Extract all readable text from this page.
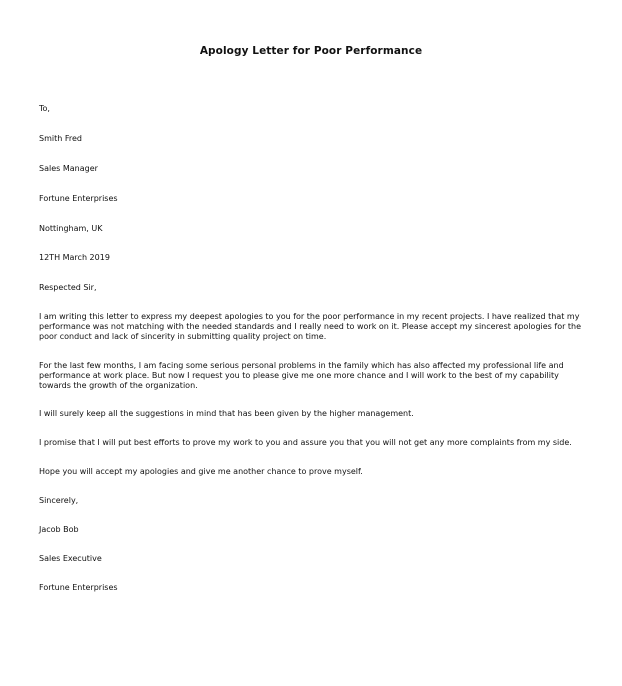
Apology Letter for Poor Performance
To,
Smith Fred
Sales Manager
Fortune Enterprises
Nottingham, UK
12TH March 2019
Respected Sir,
I am writing this letter to express my deepest apologies to you for the poor performance in my recent projects. I have realized that my performance was not matching with the needed standards and I really need to work on it. Please accept my sincerest apologies for the poor conduct and lack of sincerity in submitting quality project on time.
For the last few months, I am facing some serious personal problems in the family which has also affected my professional life and performance at work place. But now I request you to please give me one more chance and I will work to the best of my capability towards the growth of the organization.
I will surely keep all the suggestions in mind that has been given by the higher management.
I promise that I will put best efforts to prove my work to you and assure you that you will not get any more complaints from my side.
Hope you will accept my apologies and give me another chance to prove myself.
Sincerely,
Jacob Bob
Sales Executive
Fortune Enterprises
